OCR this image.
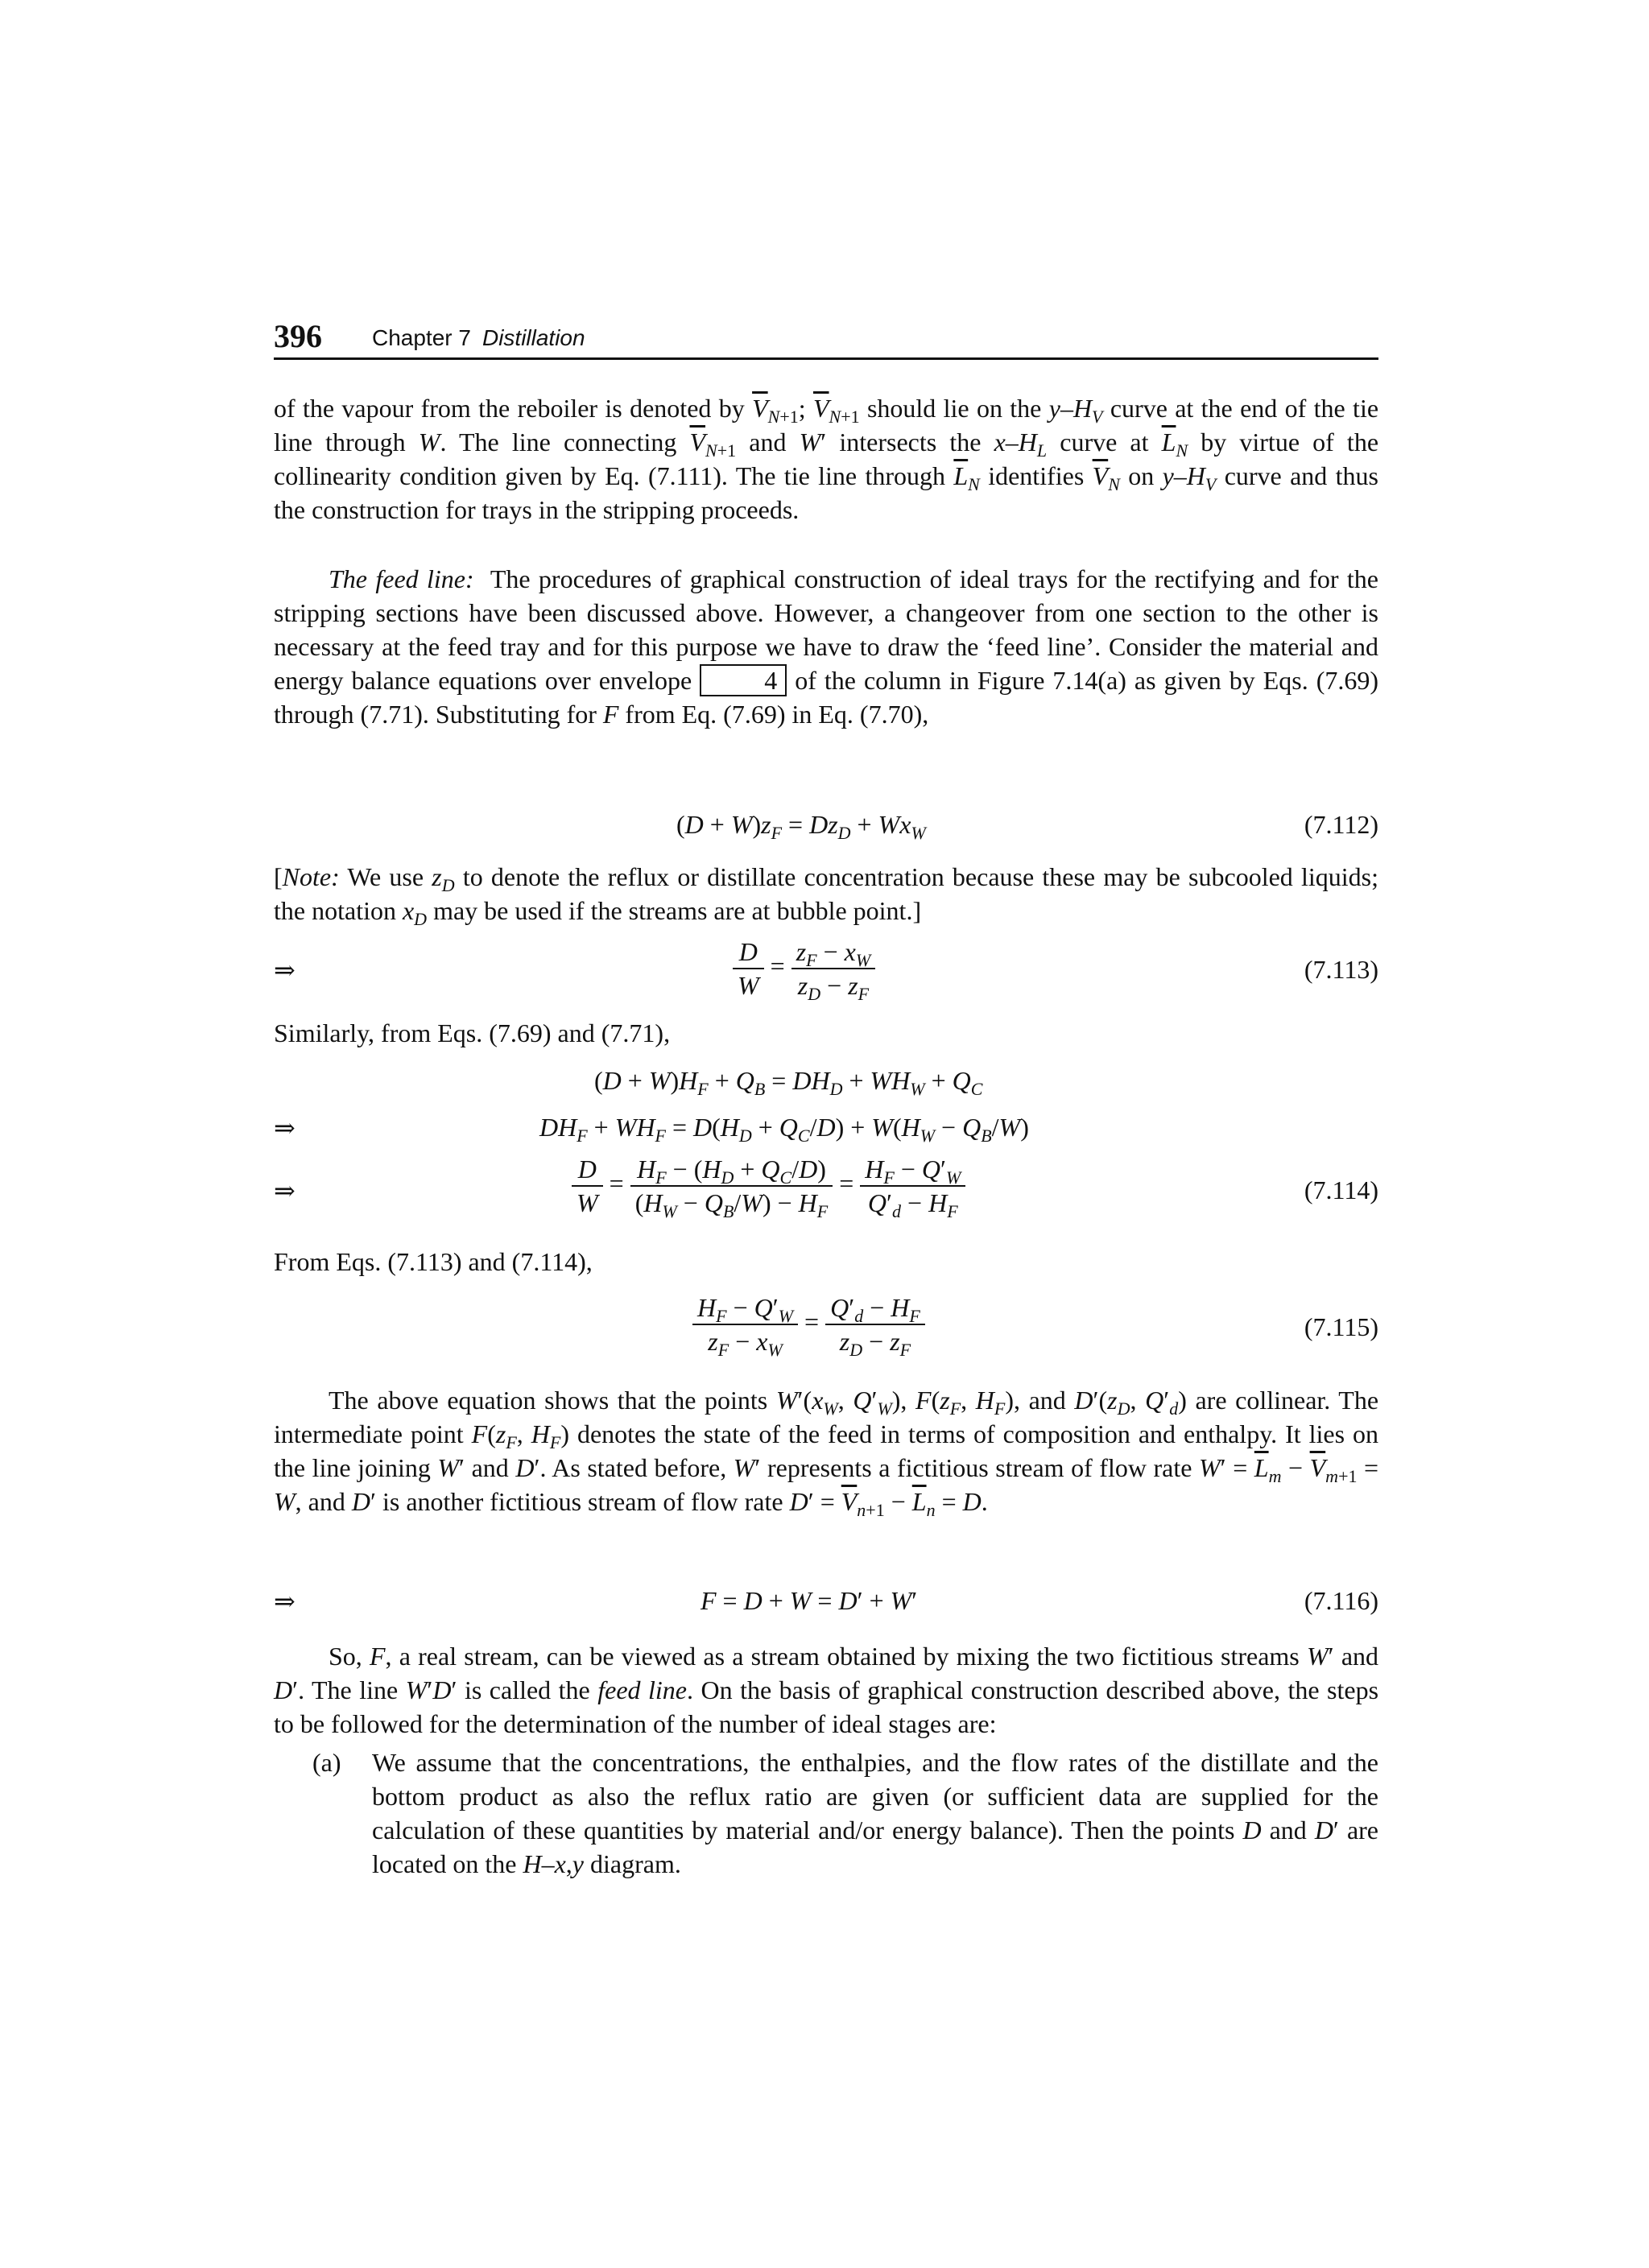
396 Chapter 7 Distillation

of the vapour from the reboiler is denoted by $\overline{V}_{N+1}$; $\overline{V}_{N+1}$ should lie on the $y-H_V$ curve at the end of the tie line through W. The line connecting $\overline{V}_{N+1}$ and W′ intersects the $x-H_L$ curve at $\overline{L}_N$ by virtue of the collinearity condition given by Eq. (7.111). The tie line through $\overline{L}_N$ identifies $\overline{V}_N$ on $y-H_V$ curve and thus the construction for trays in the stripping proceeds.

The feed line:  The procedures of graphical construction of ideal trays for the rectifying and for the stripping sections have been discussed above. However, a changeover from one section to the other is necessary at the feed tray and for this purpose we have to draw the ‘feed line’. Consider the material and energy balance equations over envelope	4 of the column in Figure 7.14(a) as given by Eqs. (7.69) through (7.71). Substituting for F from Eq. (7.69) in Eq. (7.70),

$(D + W)z_F = Dz_D + Wx_W$	(7.112)

[Note: We use $z_D$ to denote the reflux or distillate concentration because these may be subcooled liquids; the notation $x_D$ may be used if the streams are at bubble point.]

⇒	$\frac{D}{W} = \frac{z_F - x_W}{z_D - z_F}$	(7.113)

Similarly, from Eqs. (7.69) and (7.71),

$(D + W)H_F + Q_B = DH_D + WH_W + Q_C$
⇒	$DH_F + WH_F = D(H_D + Q_C/D) + W(H_W - Q_B/W)$
⇒	$\frac{D}{W} = \frac{H_F - (H_D + Q_C/D)}{(H_W - Q_B/W) - H_F} = \frac{H_F - Q'_W}{Q'_d - H_F}$	(7.114)

From Eqs. (7.113) and (7.114),

$\frac{H_F - Q'_W}{z_F - x_W} = \frac{Q'_d - H_F}{z_D - z_F}$	(7.115)

The above equation shows that the points $W'(x_W$, $Q'_W$), $F(z_F$, $H_F$), and $D'(z_D$, $Q'_d$) are collinear. The intermediate point $F(z_F$, $H_F$) denotes the state of the feed in terms of composition and enthalpy. It lies on the line joining W′ and D′. As stated before, W′ represents a fictitious stream of flow rate $W' = \overline{L}_m - \overline{V}_{m+1} = W$, and D′ is another fictitious stream of flow rate $D' = \overline{V}_{n+1} - \overline{L}_n = D$.

⇒	F = D + W = D′ + W′	(7.116)

So, F, a real stream, can be viewed as a stream obtained by mixing the two fictitious streams W′ and D′. The line W′D′ is called the feed line. On the basis of graphical construction described above, the steps to be followed for the determination of the number of ideal stages are:

(a) We assume that the concentrations, the enthalpies, and the flow rates of the distillate and the bottom product as also the reflux ratio are given (or sufficient data are supplied for the calculation of these quantities by material and/or energy balance). Then the points D and D′ are located on the H–x,y diagram.
